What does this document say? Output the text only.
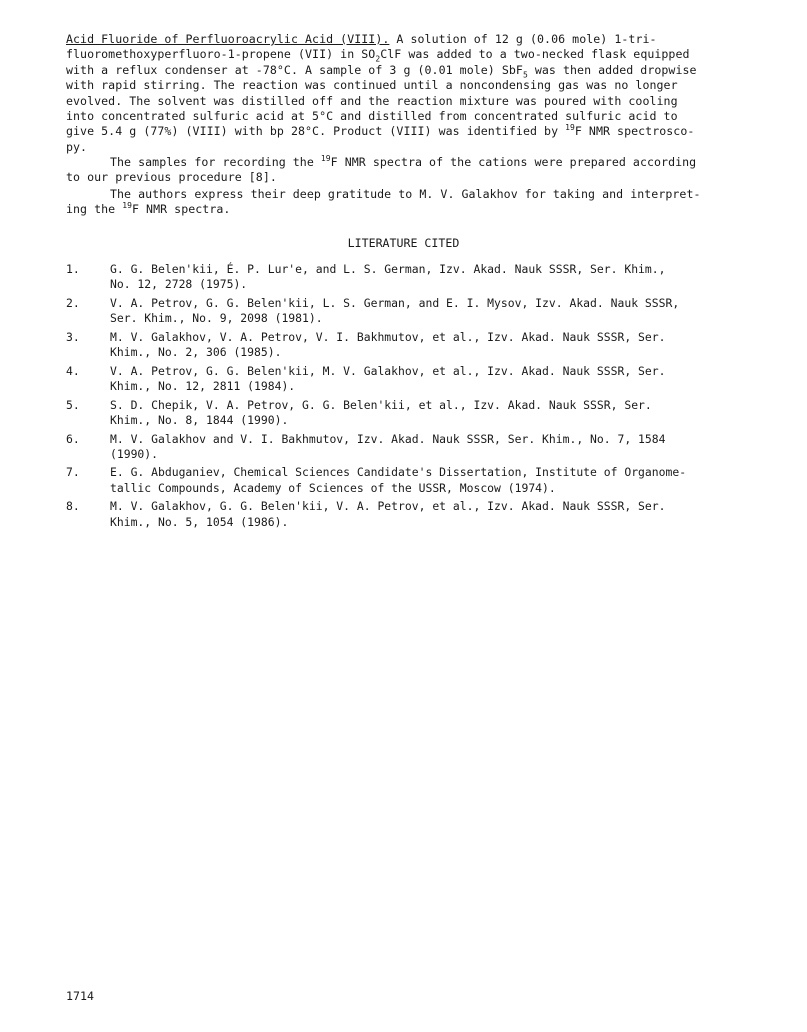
Acid Fluoride of Perfluoroacrylic Acid (VIII). A solution of 12 g (0.06 mole) 1-tri-
fluoromethoxyperfluoro-1-propene (VII) in $SO_2ClF$ was added to a two-necked flask equipped
with a reflux condenser at -78°C. A sample of 3 g (0.01 mole) SbF$_5$ was then added dropwise
with rapid stirring. The reaction was continued until a noncondensing gas was no longer
evolved. The solvent was distilled off and the reaction mixture was poured with cooling
into concentrated sulfuric acid at 5°C and distilled from concentrated sulfuric acid to
give 5.4 g (77%) (VIII) with bp 28°C. Product (VIII) was identified by $^{19}$F NMR spectrosco-
py.
The samples for recording the $^{19}$F NMR spectra of the cations were prepared according
to our previous procedure [8].
The authors express their deep gratitude to M. V. Galakhov for taking and interpret-
ing the $^{19}$F NMR spectra.
LITERATURE CITED
1.	G. G. Belen'kii, É. P. Lur'e, and L. S. German, Izv. Akad. Nauk SSSR, Ser. Khim.,
No. 12, 2728 (1975).
2.	V. A. Petrov, G. G. Belen'kii, L. S. German, and E. I. Mysov, Izv. Akad. Nauk SSSR,
Ser. Khim., No. 9, 2098 (1981).
3.	M. V. Galakhov, V. A. Petrov, V. I. Bakhmutov, et al., Izv. Akad. Nauk SSSR, Ser.
Khim., No. 2, 306 (1985).
4.	V. A. Petrov, G. G. Belen'kii, M. V. Galakhov, et al., Izv. Akad. Nauk SSSR, Ser.
Khim., No. 12, 2811 (1984).
5.	S. D. Chepik, V. A. Petrov, G. G. Belen'kii, et al., Izv. Akad. Nauk SSSR, Ser.
Khim., No. 8, 1844 (1990).
6.	M. V. Galakhov and V. I. Bakhmutov, Izv. Akad. Nauk SSSR, Ser. Khim., No. 7, 1584
(1990).
7.	E. G. Abduganiev, Chemical Sciences Candidate's Dissertation, Institute of Organome-
tallic Compounds, Academy of Sciences of the USSR, Moscow (1974).
8.	M. V. Galakhov, G. G. Belen'kii, V. A. Petrov, et al., Izv. Akad. Nauk SSSR, Ser.
Khim., No. 5, 1054 (1986).
1714
